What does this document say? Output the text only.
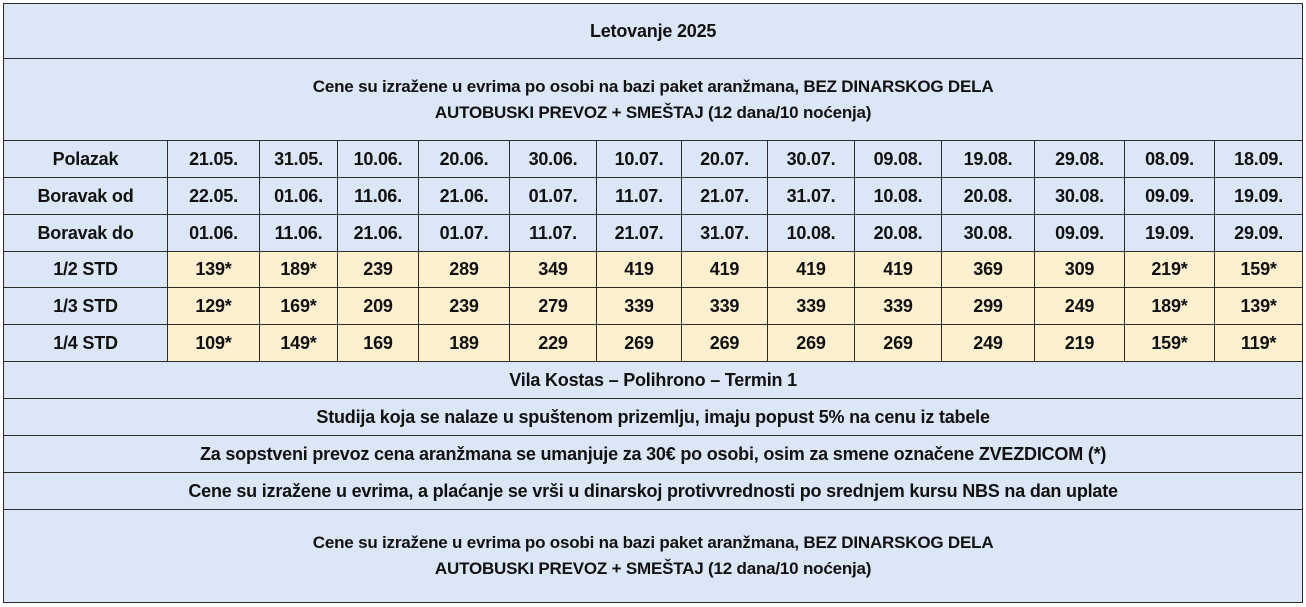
Letovanje 2025													

Cene su izražene u evrima po osobi na bazi paket aranžmana, BEZ DINARSKOG DELA
AUTOBUSKI PREVOZ + SMEŠTAJ (12 dana/10 noćenja)													

Polazak	21.05.	31.05.	10.06.	20.06.	30.06.	10.07.	20.07.	30.07.	09.08.	19.08.	29.08.	08.09.	18.09.
Boravak od	22.05.	01.06.	11.06.	21.06.	01.07.	11.07.	21.07.	31.07.	10.08.	20.08.	30.08.	09.09.	19.09.
Boravak do	01.06.	11.06.	21.06.	01.07.	11.07.	21.07.	31.07.	10.08.	20.08.	30.08.	09.09.	19.09.	29.09.
1/2 STD	139*	189*	239	289	349	419	419	419	419	369	309	219*	159*
1/3 STD	129*	169*	209	239	279	339	339	339	339	299	249	189*	139*
1/4 STD	109*	149*	169	189	229	269	269	269	269	249	219	159*	119*
Vila Kostas – Polihrono – Termin 1													
Studija koja se nalaze u spuštenom prizemlju, imaju popust 5% na cenu iz tabele													
Za sopstveni prevoz cena aranžmana se umanjuje za 30€ po osobi, osim za smene označene ZVEZDICOM (*)													
Cene su izražene u evrima, a plaćanje se vrši u dinarskoj protivvrednosti po srednjem kursu NBS na dan uplate													

Cene su izražene u evrima po osobi na bazi paket aranžmana, BEZ DINARSKOG DELA
AUTOBUSKI PREVOZ + SMEŠTAJ (12 dana/10 noćenja)													
